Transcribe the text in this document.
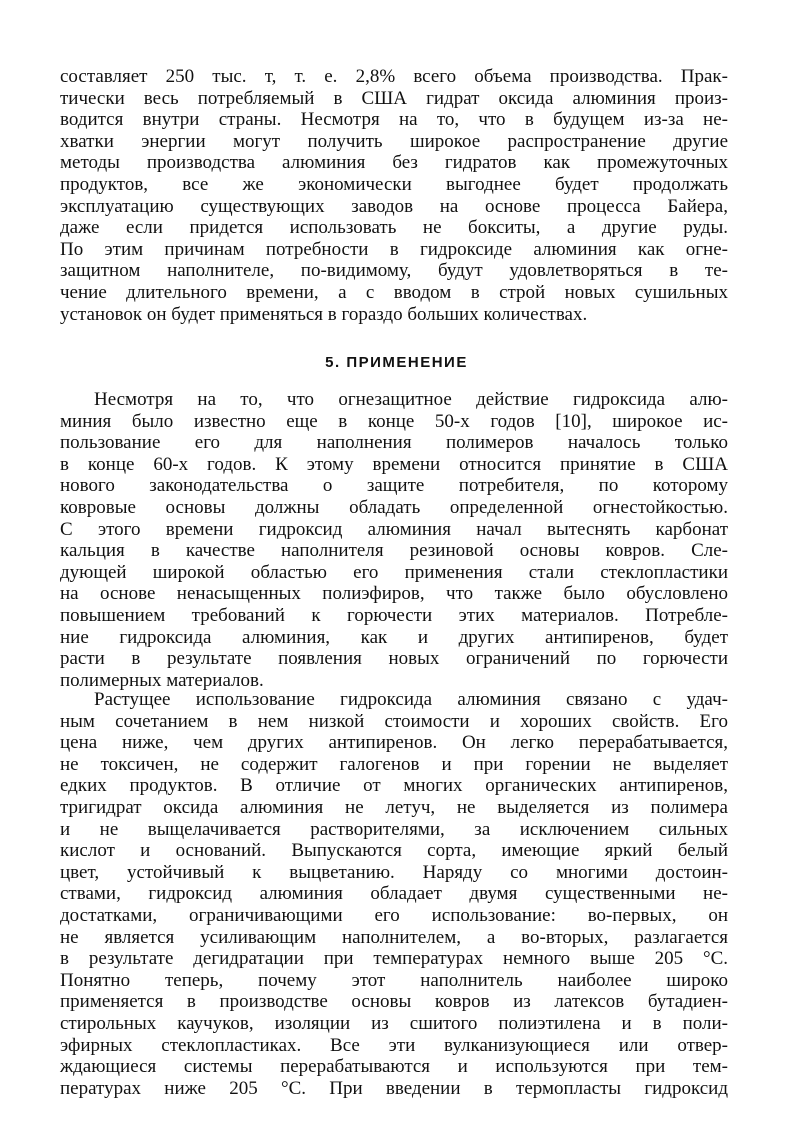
составляет 250 тыс. т, т. е. 2,8% всего объема производства. Прак-
тически весь потребляемый в США гидрат оксида алюминия произ-
водится внутри страны. Несмотря на то, что в будущем из-за не-
хватки энергии могут получить широкое распространение другие
методы производства алюминия без гидратов как промежуточных
продуктов, все же экономически выгоднее будет продолжать
эксплуатацию существующих заводов на основе процесса Байера,
даже если придется использовать не бокситы, а другие руды.
По этим причинам потребности в гидроксиде алюминия как огне-
защитном наполнителе, по-видимому, будут удовлетворяться в те-
чение длительного времени, а с вводом в строй новых сушильных
установок он будет применяться в гораздо больших количествах.
5. ПРИМЕНЕНИЕ
Несмотря на то, что огнезащитное действие гидроксида алю-
миния было известно еще в конце 50-х годов [10], широкое ис-
пользование его для наполнения полимеров началось только
в конце 60-х годов. К этому времени относится принятие в США
нового законодательства о защите потребителя, по которому
ковровые основы должны обладать определенной огнестойкостью.
С этого времени гидроксид алюминия начал вытеснять карбонат
кальция в качестве наполнителя резиновой основы ковров. Сле-
дующей широкой областью его применения стали стеклопластики
на основе ненасыщенных полиэфиров, что также было обусловлено
повышением требований к горючести этих материалов. Потребле-
ние гидроксида алюминия, как и других антипиренов, будет
расти в результате появления новых ограничений по горючести
полимерных материалов.
Растущее использование гидроксида алюминия связано с удач-
ным сочетанием в нем низкой стоимости и хороших свойств. Его
цена ниже, чем других антипиренов. Он легко перерабатывается,
не токсичен, не содержит галогенов и при горении не выделяет
едких продуктов. В отличие от многих органических антипиренов,
тригидрат оксида алюминия не летуч, не выделяется из полимера
и не выщелачивается растворителями, за исключением сильных
кислот и оснований. Выпускаются сорта, имеющие яркий белый
цвет, устойчивый к выцветанию. Наряду со многими достоин-
ствами, гидроксид алюминия обладает двумя существенными не-
достатками, ограничивающими его использование: во-первых, он
не является усиливающим наполнителем, а во-вторых, разлагается
в результате дегидратации при температурах немного выше 205 °С.
Понятно теперь, почему этот наполнитель наиболее широко
применяется в производстве основы ковров из латексов бутадиен-
стирольных каучуков, изоляции из сшитого полиэтилена и в поли-
эфирных стеклопластиках. Все эти вулканизующиеся или отвер-
ждающиеся системы перерабатываются и используются при тем-
пературах ниже 205 °С. При введении в термопласты гидроксид
